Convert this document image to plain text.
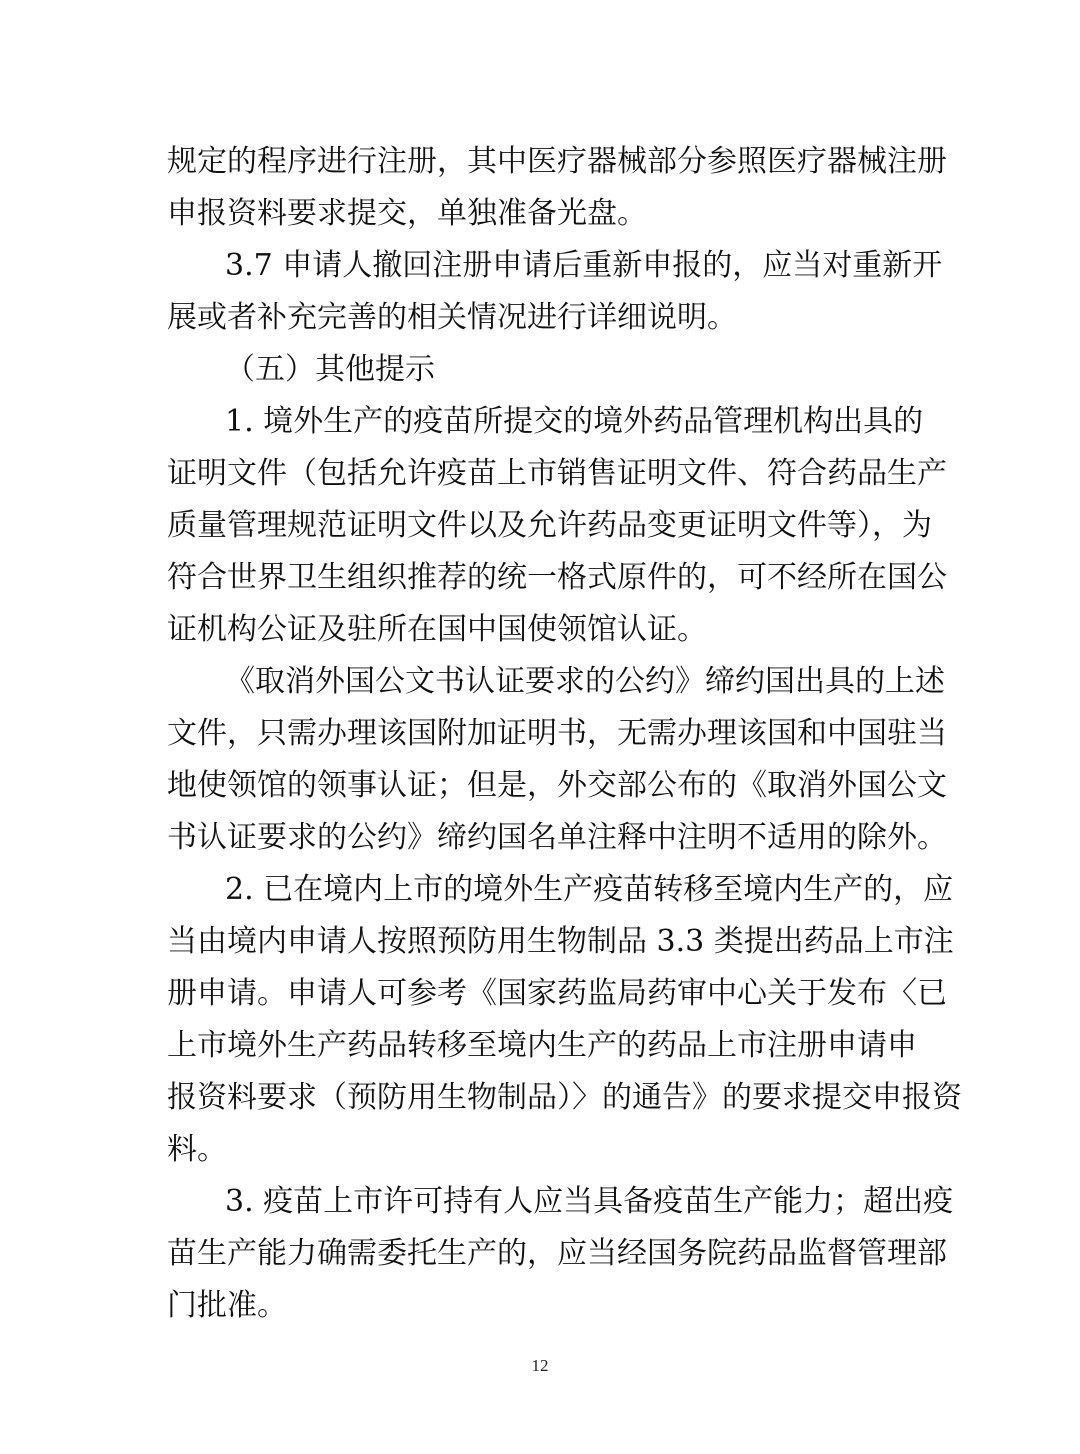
规定的程序进行注册，其中医疗器械部分参照医疗器械注册
申报资料要求提交，单独准备光盘。
3.7 申请人撤回注册申请后重新申报的，应当对重新开
展或者补充完善的相关情况进行详细说明。
（五）其他提示
1. 境外生产的疫苗所提交的境外药品管理机构出具的
证明文件（包括允许疫苗上市销售证明文件、符合药品生产
质量管理规范证明文件以及允许药品变更证明文件等），为
符合世界卫生组织推荐的统一格式原件的，可不经所在国公
证机构公证及驻所在国中国使领馆认证。
《取消外国公文书认证要求的公约》缔约国出具的上述
文件，只需办理该国附加证明书，无需办理该国和中国驻当
地使领馆的领事认证；但是，外交部公布的《取消外国公文
书认证要求的公约》缔约国名单注释中注明不适用的除外。
2. 已在境内上市的境外生产疫苗转移至境内生产的，应
当由境内申请人按照预防用生物制品 3.3 类提出药品上市注
册申请。申请人可参考《国家药监局药审中心关于发布〈已
上市境外生产药品转移至境内生产的药品上市注册申请申
报资料要求（预防用生物制品）〉的通告》的要求提交申报资
料。
3. 疫苗上市许可持有人应当具备疫苗生产能力；超出疫
苗生产能力确需委托生产的，应当经国务院药品监督管理部
门批准。
12
